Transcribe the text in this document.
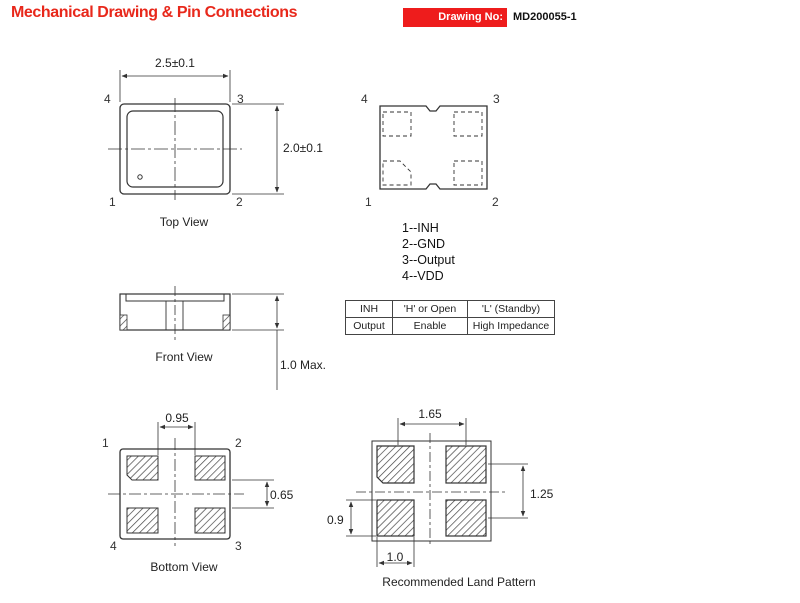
Mechanical Drawing & Pin Connections	Drawing No: MD200055-1
2.5±0.1
2.0±0.1
4	3
1	2
Top View
4	3
1	2
1.0 Max.
Front View
0.95
0.65
1	2
3
4
Bottom View
1.65
1.25
0.9
1.0
Recommended Land Pattern
1--INH
2--GND
3--Output
4--VDD
INH	'H' or Open	'L' (Standby)
Output	Enable	High Impedance
